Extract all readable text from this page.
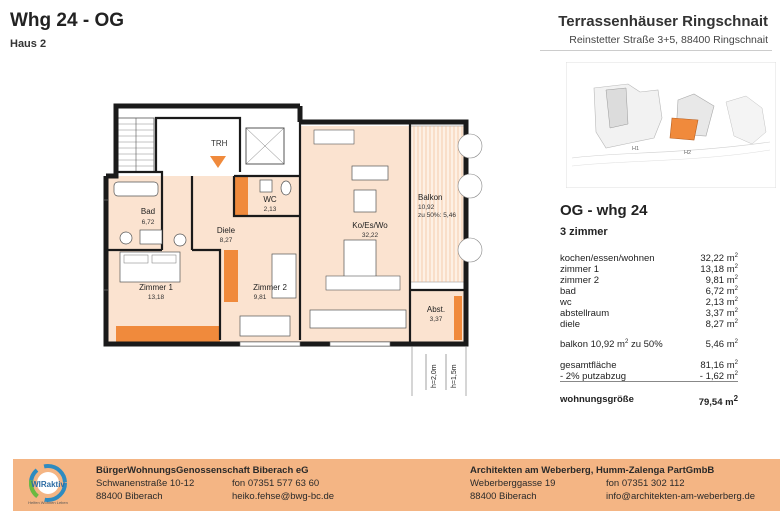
Whg 24 - OG
Haus 2
Terrassenhäuser Ringschnait
Reinstetter Straße 3+5, 88400 Ringschnait
H1
H2
OG - whg 24
3 zimmer
kochen/essen/wohnen	32,22 $m^2$
zimmer 1	13,18 $m^2$
zimmer 2	9,81 $m^2$
bad	6,72 $m^2$
wc	2,13 $m^2$
abstellraum	3,37 $m^2$
diele	8,27 $m^2$
balkon 10,92 $m^2$ zu 50%	5,46 $m^2$
gesamtfläche	81,16 $m^2$
- 2% putzabzug	- 1,62 $m^2$
wohnungsgröße	79,54 $m^2$
TRH
Bad
6,72
WC
2,13
Diele
8,27
Ko/Es/Wo
32,22
Balkon
10,92
zu 50%: 5,46
Zimmer 1
13,18
Zimmer 2
9,81
Abst.
3,37
h=2,0m h=1,5m
WIRaktiv
Helfen Wohnen Leben
BürgerWohnungsGenossenschaft Biberach eG
Schwanenstraße 10-12
88400 Biberach
fon 07351 577 63 60
heiko.fehse@bwg-bc.de
Architekten am Weberberg, Humm-Zalenga PartGmbB
Weberberggasse 19
88400 Biberach
fon 07351 302 112
info@architekten-am-weberberg.de
